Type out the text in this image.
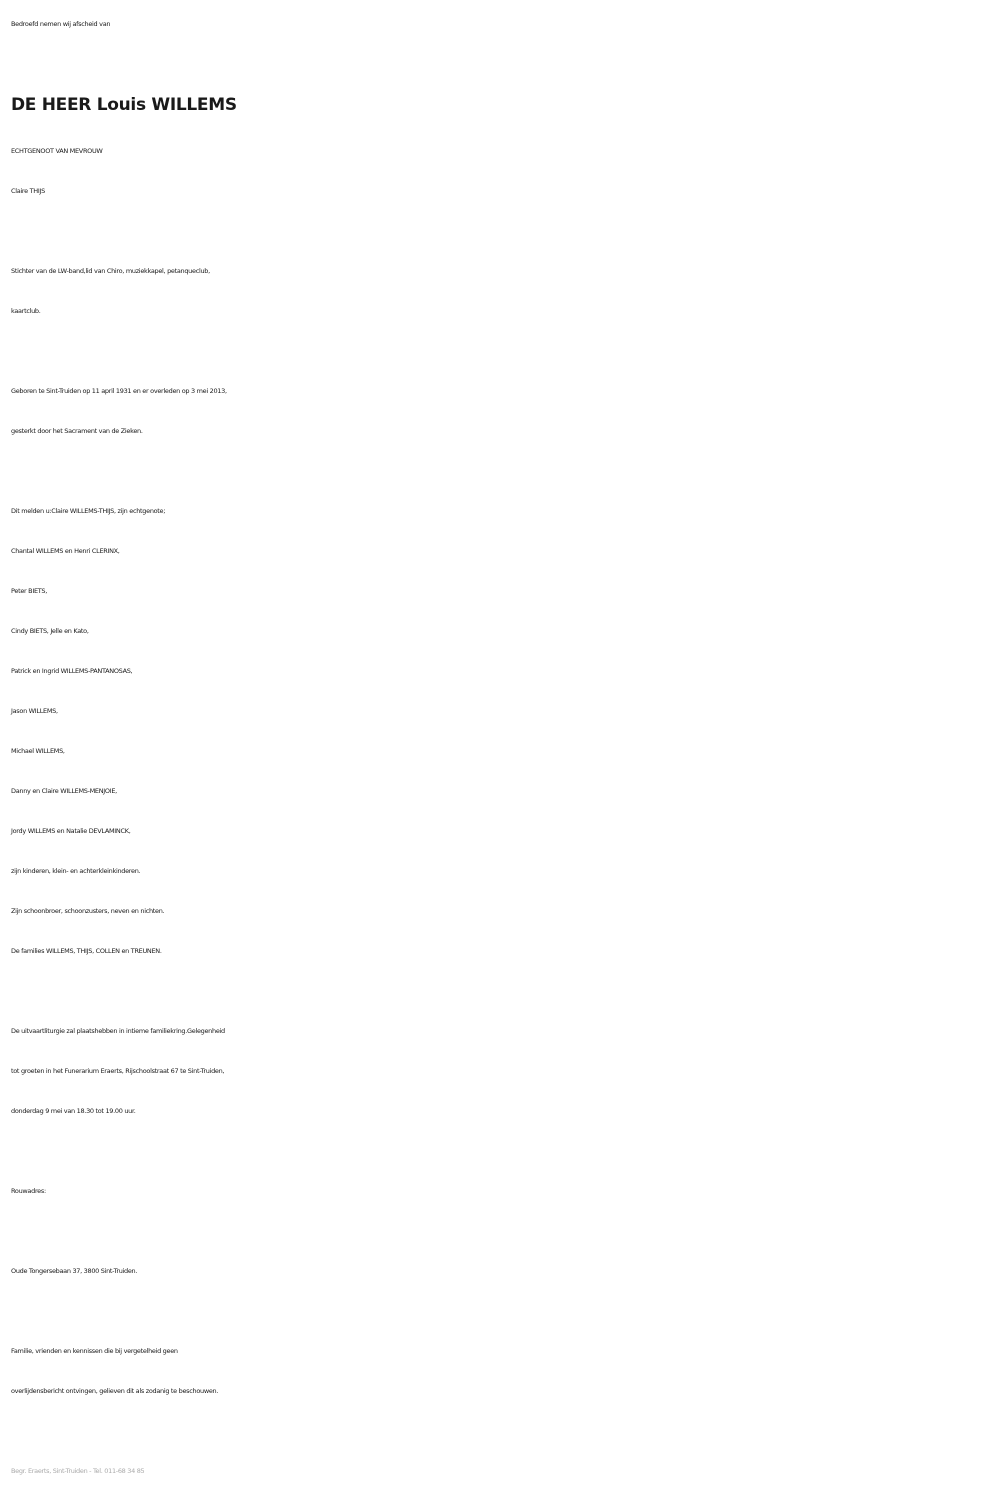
Bedroefd nemen wij afscheid van
DE HEER Louis WILLEMS
ECHTGENOOT VAN MEVROUW
Claire THIJS
Stichter van de LW-band,lid van Chiro, muziekkapel, petanqueclub,
kaartclub.
Geboren te Sint-Truiden op 11 april 1931 en er overleden op 3 mei 2013,
gesterkt door het Sacrament van de Zieken.
Dit melden u:Claire WILLEMS-THIJS, zijn echtgenote;
Chantal WILLEMS en Henri CLERINX,
Peter BIETS,
Cindy BIETS, Jelle en Kato,
Patrick en Ingrid WILLEMS-PANTANOSAS,
Jason WILLEMS,
Michael WILLEMS,
Danny en Claire WILLEMS-MENJOIE,
Jordy WILLEMS en Natalie DEVLAMINCK,
zijn kinderen, klein- en achterkleinkinderen.
Zijn schoonbroer, schoonzusters, neven en nichten.
De families WILLEMS, THIJS, COLLEN en TREUNEN.
De uitvaartliturgie zal plaatshebben in intieme familiekring.Gelegenheid
tot groeten in het Funerarium Eraerts, Rijschoolstraat 67 te Sint-Truiden,
donderdag 9 mei van 18.30 tot 19.00 uur.
Rouwadres:
Oude Tongersebaan 37, 3800 Sint-Truiden.
Familie, vrienden en kennissen die bij vergetelheid geen
overlijdensbericht ontvingen, gelieven dit als zodanig te beschouwen.
Begr. Eraerts, Sint-Truiden - Tel. 011-68 34 85
